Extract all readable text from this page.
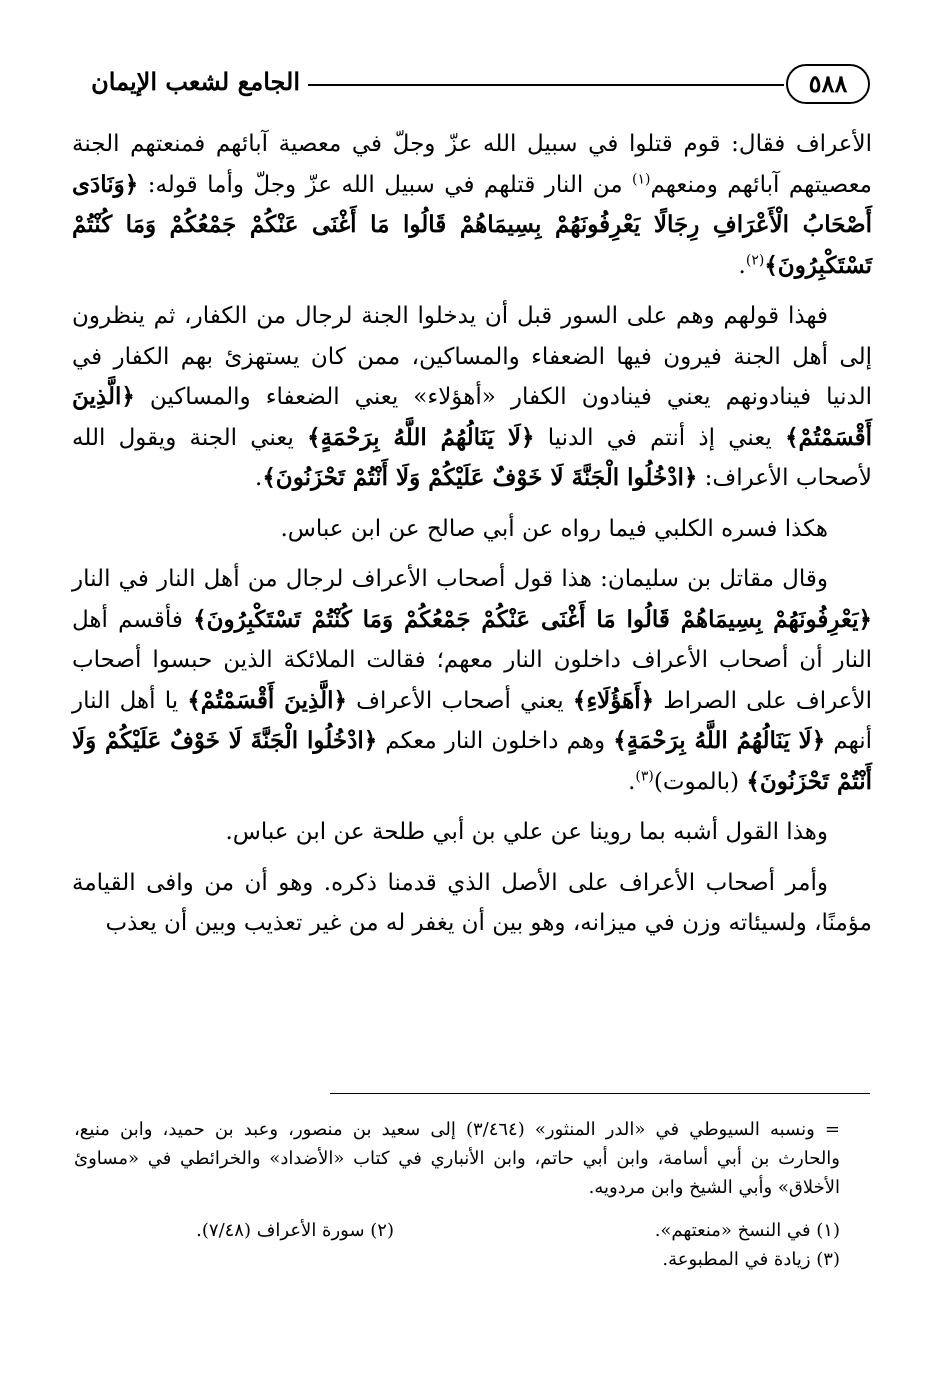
٥٨٨
الجامع لشعب الإيمان

الأعراف فقال: قوم قتلوا في سبيل الله عزّ وجلّ في معصية آبائهم فمنعتهم الجنة معصيتهم آبائهم ومنعهم$^{(١)}$ من النار قتلهم في سبيل الله عزّ وجلّ وأما قوله: ﴿وَنَادَى أَصْحَابُ الْأَعْرَافِ رِجَالًا يَعْرِفُونَهُمْ بِسِيمَاهُمْ قَالُوا مَا أَغْنَى عَنْكُمْ جَمْعُكُمْ وَمَا كُنْتُمْ تَسْتَكْبِرُونَ﴾$^{(٢)}$.

فهذا قولهم وهم على السور قبل أن يدخلوا الجنة لرجال من الكفار، ثم ينظرون إلى أهل الجنة فيرون فيها الضعفاء والمساكين، ممن كان يستهزئ بهم الكفار في الدنيا فينادونهم يعني فينادون الكفار «أهؤلاء» يعني الضعفاء والمساكين ﴿الَّذِينَ أَقْسَمْتُمْ﴾ يعني إذ أنتم في الدنيا ﴿لَا يَنَالُهُمُ اللَّهُ بِرَحْمَةٍ﴾ يعني الجنة ويقول الله لأصحاب الأعراف: ﴿ادْخُلُوا الْجَنَّةَ لَا خَوْفٌ عَلَيْكُمْ وَلَا أَنْتُمْ تَحْزَنُونَ﴾.

هكذا فسره الكلبي فيما رواه عن أبي صالح عن ابن عباس.

وقال مقاتل بن سليمان: هذا قول أصحاب الأعراف لرجال من أهل النار في النار ﴿يَعْرِفُونَهُمْ بِسِيمَاهُمْ قَالُوا مَا أَغْنَى عَنْكُمْ جَمْعُكُمْ وَمَا كُنْتُمْ تَسْتَكْبِرُونَ﴾ فأقسم أهل النار أن أصحاب الأعراف داخلون النار معهم؛ فقالت الملائكة الذين حبسوا أصحاب الأعراف على الصراط ﴿أَهَؤُلَاءِ﴾ يعني أصحاب الأعراف ﴿الَّذِينَ أَقْسَمْتُمْ﴾ يا أهل النار أنهم ﴿لَا يَنَالُهُمُ اللَّهُ بِرَحْمَةٍ﴾ وهم داخلون النار معكم ﴿ادْخُلُوا الْجَنَّةَ لَا خَوْفٌ عَلَيْكُمْ وَلَا أَنْتُمْ تَحْزَنُونَ﴾ (بالموت)$^{(٣)}$.

وهذا القول أشبه بما روينا عن علي بن أبي طلحة عن ابن عباس.

وأمر أصحاب الأعراف على الأصل الذي قدمنا ذكره. وهو أن من وافى القيامة مؤمنًا، ولسيئاته وزن في ميزانه، وهو بين أن يغفر له من غير تعذيب وبين أن يعذب

= ونسبه السيوطي في «الدر المنثور» (٣/٤٦٤) إلى سعيد بن منصور، وعبد بن حميد، وابن منيع، والحارث بن أبي أسامة، وابن أبي حاتم، وابن الأنباري في كتاب «الأضداد» والخرائطي في «مساوئ الأخلاق» وأبي الشيخ وابن مردويه.

(١) في النسخ «منعتهم».

(٢) سورة الأعراف (٧/٤٨).

(٣) زيادة في المطبوعة.
